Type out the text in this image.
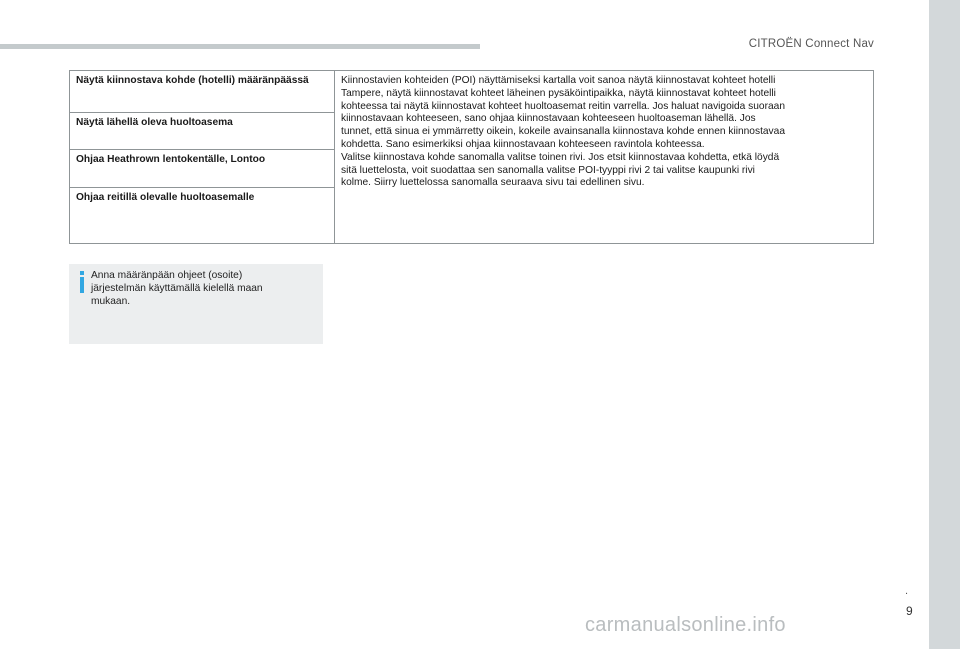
CITROËN Connect Nav
Näytä kiinnostava kohde (hotelli) määränpäässä	Kiinnostavien kohteiden (POI) näyttämiseksi kartalla voit sanoa näytä kiinnostavat kohteet hotelli
Tampere, näytä kiinnostavat kohteet läheinen pysäköintipaikka, näytä kiinnostavat kohteet hotelli
kohteessa tai näytä kiinnostavat kohteet huoltoasemat reitin varrella. Jos haluat navigoida suoraan
kiinnostavaan kohteeseen, sano ohjaa kiinnostavaan kohteeseen huoltoaseman lähellä. Jos
tunnet, että sinua ei ymmärretty oikein, kokeile avainsanalla kiinnostava kohde ennen kiinnostavaa
kohdetta. Sano esimerkiksi ohjaa kiinnostavaan kohteeseen ravintola kohteessa.
Valitse kiinnostava kohde sanomalla valitse toinen rivi. Jos etsit kiinnostavaa kohdetta, etkä löydä
sitä luettelosta, voit suodattaa sen sanomalla valitse POI-tyyppi rivi 2 tai valitse kaupunki rivi
kolme. Siirry luettelossa sanomalla seuraava sivu tai edellinen sivu.

Näytä lähellä oleva huoltoasema
Ohjaa Heathrown lentokentälle, Lontoo
Ohjaa reitillä olevalle huoltoasemalle
Anna määränpään ohjeet (osoite)
järjestelmän käyttämällä kielellä maan
mukaan.
.
9
carmanualsonline.info
